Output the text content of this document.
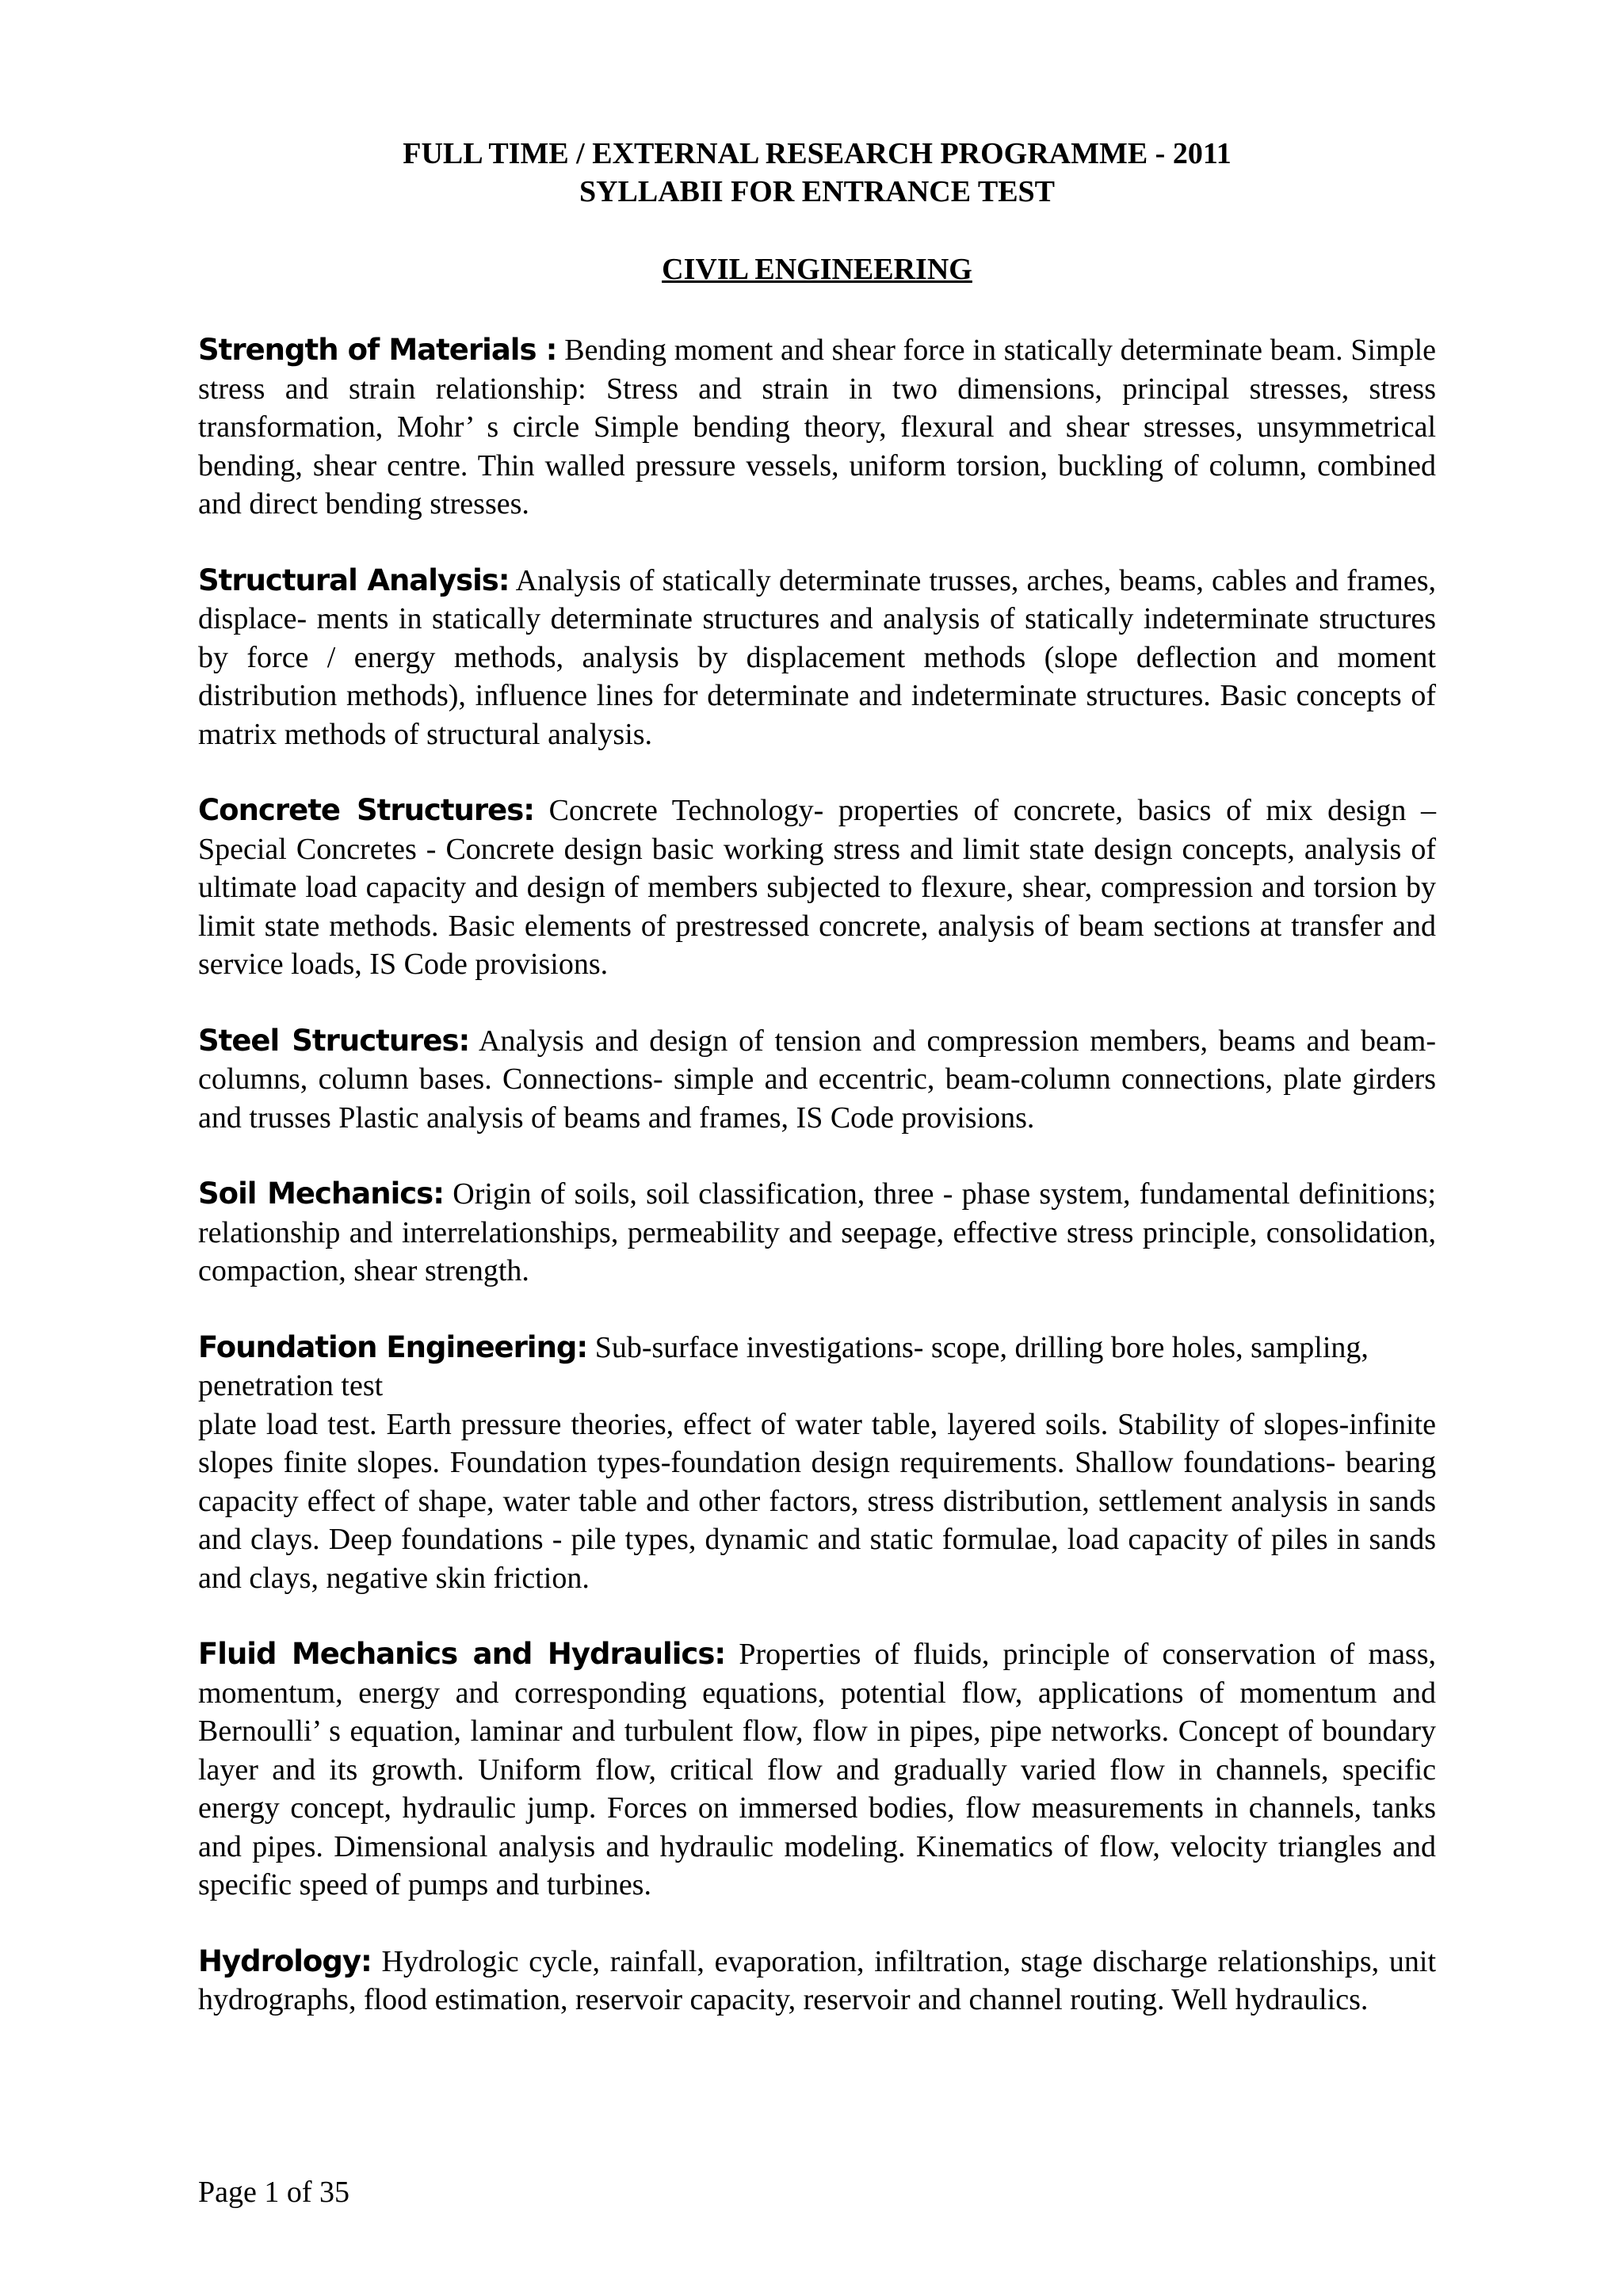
FULL TIME / EXTERNAL RESEARCH PROGRAMME - 2011

SYLLABII FOR ENTRANCE TEST

CIVIL ENGINEERING

Strength of Materials : Bending moment and shear force in statically determinate beam. Simple stress and strain relationship: Stress and strain in two dimensions, principal stresses, stress transformation, Mohr’ s circle Simple bending theory, flexural and shear stresses, unsymmetrical bending, shear centre. Thin walled pressure vessels, uniform torsion, buckling of column, combined and direct bending stresses.

Structural Analysis: Analysis of statically determinate trusses, arches, beams, cables and frames, displace- ments in statically determinate structures and analysis of statically indeterminate structures by force / energy methods, analysis by displacement methods (slope deflection and moment distribution methods), influence lines for determinate and indeterminate structures. Basic concepts of matrix methods of structural analysis.

Concrete Structures: Concrete Technology- properties of concrete, basics of mix design – Special Concretes - Concrete design basic working stress and limit state design concepts, analysis of ultimate load capacity and design of members subjected to flexure, shear, compression and torsion by limit state methods. Basic elements of prestressed concrete, analysis of beam sections at transfer and service loads, IS Code provisions.

Steel Structures: Analysis and design of tension and compression members, beams and beam-columns, column bases. Connections- simple and eccentric, beam-column connections, plate girders and trusses Plastic analysis of beams and frames, IS Code provisions.

Soil Mechanics: Origin of soils, soil classification, three - phase system, fundamental definitions; relationship and interrelationships, permeability and seepage, effective stress principle, consolidation, compaction, shear strength.

Foundation Engineering: Sub-surface investigations- scope, drilling bore holes, sampling, penetration test

plate load test. Earth pressure theories, effect of water table, layered soils. Stability of slopes-infinite slopes finite slopes. Foundation types-foundation design requirements. Shallow foundations- bearing capacity effect of shape, water table and other factors, stress distribution, settlement analysis in sands and clays. Deep foundations - pile types, dynamic and static formulae, load capacity of piles in sands and clays, negative skin friction.

Fluid Mechanics and Hydraulics: Properties of fluids, principle of conservation of mass, momentum, energy and corresponding equations, potential flow, applications of momentum and Bernoulli’ s equation, laminar and turbulent flow, flow in pipes, pipe networks. Concept of boundary layer and its growth. Uniform flow, critical flow and gradually varied flow in channels, specific energy concept, hydraulic jump. Forces on immersed bodies, flow measurements in channels, tanks and pipes. Dimensional analysis and hydraulic modeling. Kinematics of flow, velocity triangles and specific speed of pumps and turbines.

Hydrology: Hydrologic cycle, rainfall, evaporation, infiltration, stage discharge relationships, unit hydrographs, flood estimation, reservoir capacity, reservoir and channel routing. Well hydraulics.

Page 1 of 35
